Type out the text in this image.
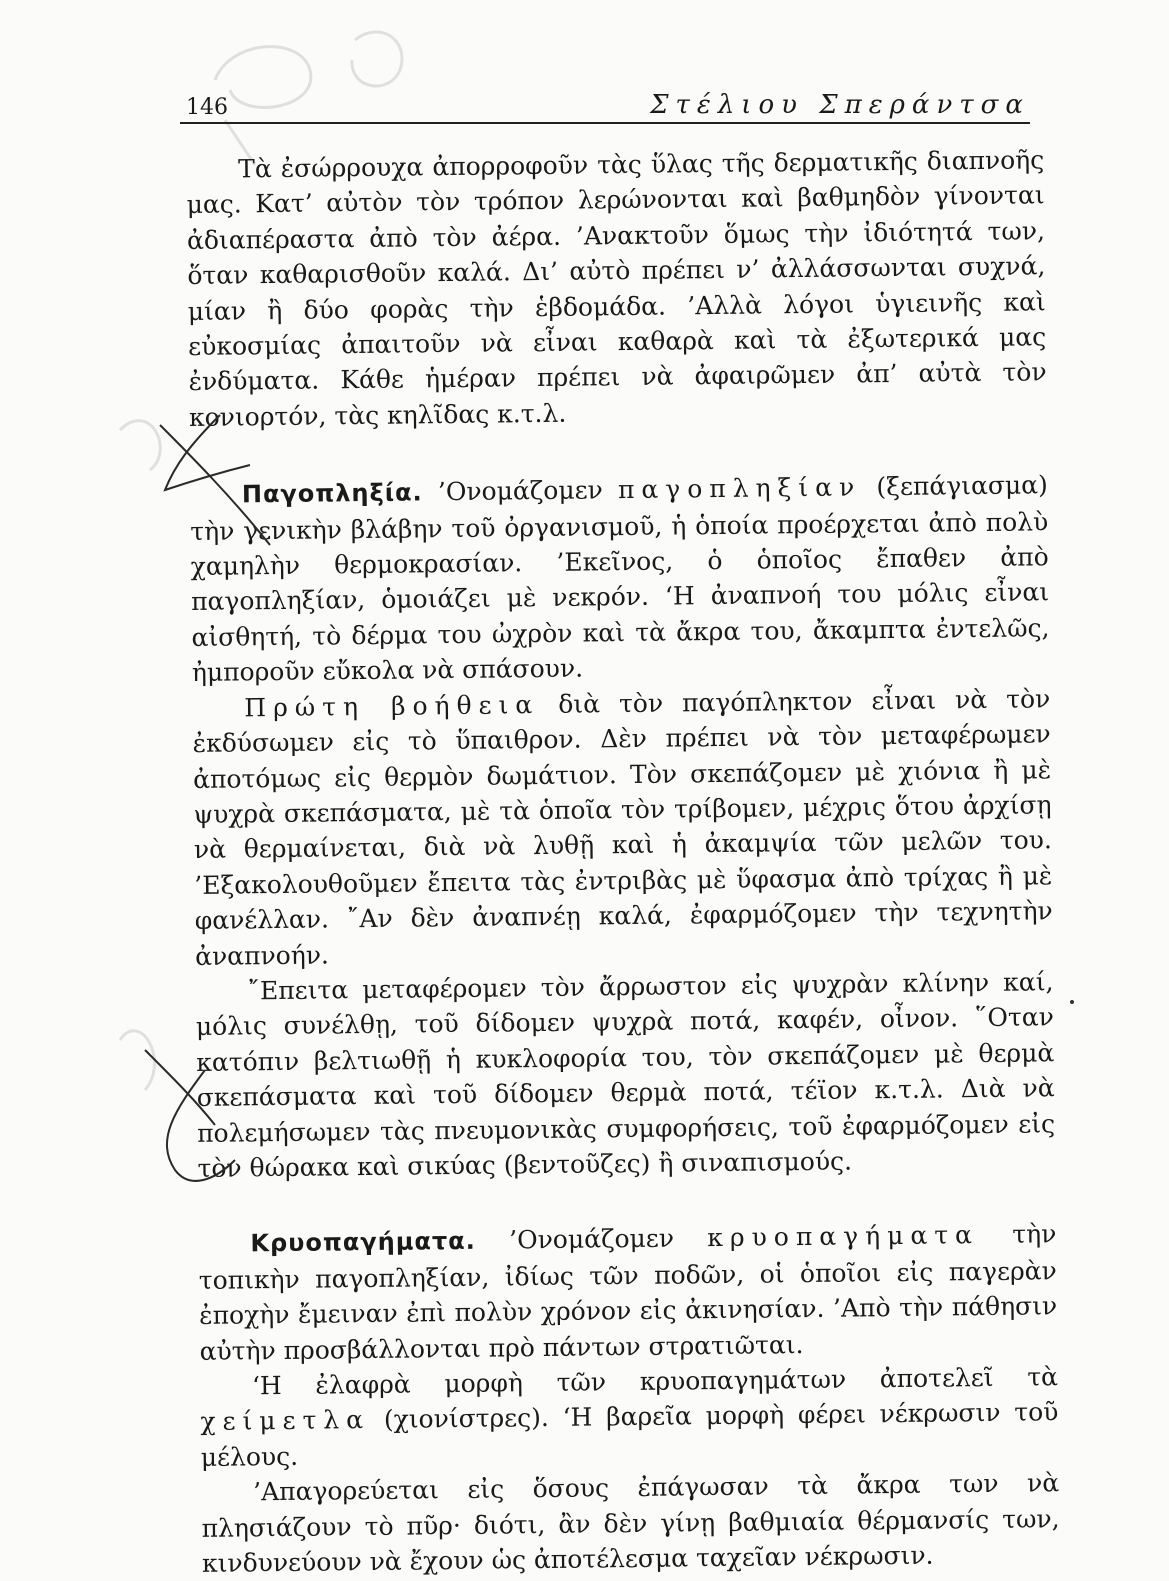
146	Στέλιου Σπεράντσα

Τὰ ἐσώρρουχα ἀπορροφοῦν τὰς ὕλας τῆς δερματικῆς διαπνοῆς μας. Κατ’ αὐτὸν τὸν τρόπον λερώνονται καὶ βαθμηδὸν γίνονται ἀδιαπέραστα ἀπὸ τὸν ἀέρα. ’Ανακτοῦν ὅμως τὴν ἰδιότητά των, ὅταν καθαρισθοῦν καλά. Δι’ αὐτὸ πρέπει ν’ ἀλλάσσωνται συχνά, μίαν ἢ δύο φορὰς τὴν ἑβδομάδα. ’Αλλὰ λόγοι ὑγιεινῆς καὶ εὐκοσμίας ἀπαιτοῦν νὰ εἶναι καθαρὰ καὶ τὰ ἐξωτερικά μας ἐνδύματα. Κάθε ἡμέραν πρέπει νὰ ἀφαιρῶμεν ἀπ’ αὐτὰ τὸν κονιορτόν, τὰς κηλῖδας κ.τ.λ.

Παγοπληξία. ’Ονομάζομεν παγοπληξίαν (ξεπάγιασμα) τὴν γενικὴν βλάβην τοῦ ὀργανισμοῦ, ἡ ὁποία προέρχεται ἀπὸ πολὺ χαμηλὴν θερμοκρασίαν. ’Εκεῖνος, ὁ ὁποῖος ἔπαθεν ἀπὸ παγοπληξίαν, ὁμοιάζει μὲ νεκρόν. ‘Η ἀναπνοή του μόλις εἶναι αἰσθητή, τὸ δέρμα του ὠχρὸν καὶ τὰ ἄκρα του, ἄκαμπτα ἐντελῶς, ἠμποροῦν εὔκολα νὰ σπάσουν.

Πρώτη βοήθεια διὰ τὸν παγόπληκτον εἶναι νὰ τὸν ἐκδύσωμεν εἰς τὸ ὕπαιθρον. Δὲν πρέπει νὰ τὸν μεταφέρωμεν ἀποτόμως εἰς θερμὸν δωμάτιον. Τὸν σκεπάζομεν μὲ χιόνια ἢ μὲ ψυχρὰ σκεπάσματα, μὲ τὰ ὁποῖα τὸν τρίβομεν, μέχρις ὅτου ἀρχίσῃ νὰ θερμαίνεται, διὰ νὰ λυθῇ καὶ ἡ ἀκαμψία τῶν μελῶν του. ’Εξακολουθοῦμεν ἔπειτα τὰς ἐντριβὰς μὲ ὕφασμα ἀπὸ τρίχας ἢ μὲ φανέλλαν. ῎Αν δὲν ἀναπνέῃ καλά, ἐφαρμόζομεν τὴν τεχνητὴν ἀναπνοήν.

῎Επειτα μεταφέρομεν τὸν ἄρρωστον εἰς ψυχρὰν κλίνην καί, μόλις συνέλθῃ, τοῦ δίδομεν ψυχρὰ ποτά, καφέν, οἶνον. ῞Οταν κατόπιν βελτιωθῇ ἡ κυκλοφορία του, τὸν σκεπάζομεν μὲ θερμὰ σκεπάσματα καὶ τοῦ δίδομεν θερμὰ ποτά, τέϊον κ.τ.λ. Διὰ νὰ πολεμήσωμεν τὰς πνευμονικὰς συμφορήσεις, τοῦ ἐφαρμόζομεν εἰς τὸν θώρακα καὶ σικύας (βεντοῦζες) ἢ σιναπισμούς.

Κρυοπαγήματα. ’Ονομάζομεν κρυοπαγήματα τὴν τοπικὴν παγοπληξίαν, ἰδίως τῶν ποδῶν, οἱ ὁποῖοι εἰς παγερὰν ἐποχὴν ἔμειναν ἐπὶ πολὺν χρόνον εἰς ἀκινησίαν. ’Απὸ τὴν πάθησιν αὐτὴν προσβάλλονται πρὸ πάντων στρατιῶται.

‘Η ἐλαφρὰ μορφὴ τῶν κρυοπαγημάτων ἀποτελεῖ τὰ χείμετλα (χιονίστρες). ‘Η βαρεῖα μορφὴ φέρει νέκρωσιν τοῦ μέλους.

’Απαγορεύεται εἰς ὅσους ἐπάγωσαν τὰ ἄκρα των νὰ πλησιάζουν τὸ πῦρ· διότι, ἂν δὲν γίνῃ βαθμιαία θέρμανσίς των, κινδυνεύουν νὰ ἔχουν ὡς ἀποτέλεσμα ταχεῖαν νέκρωσιν.
